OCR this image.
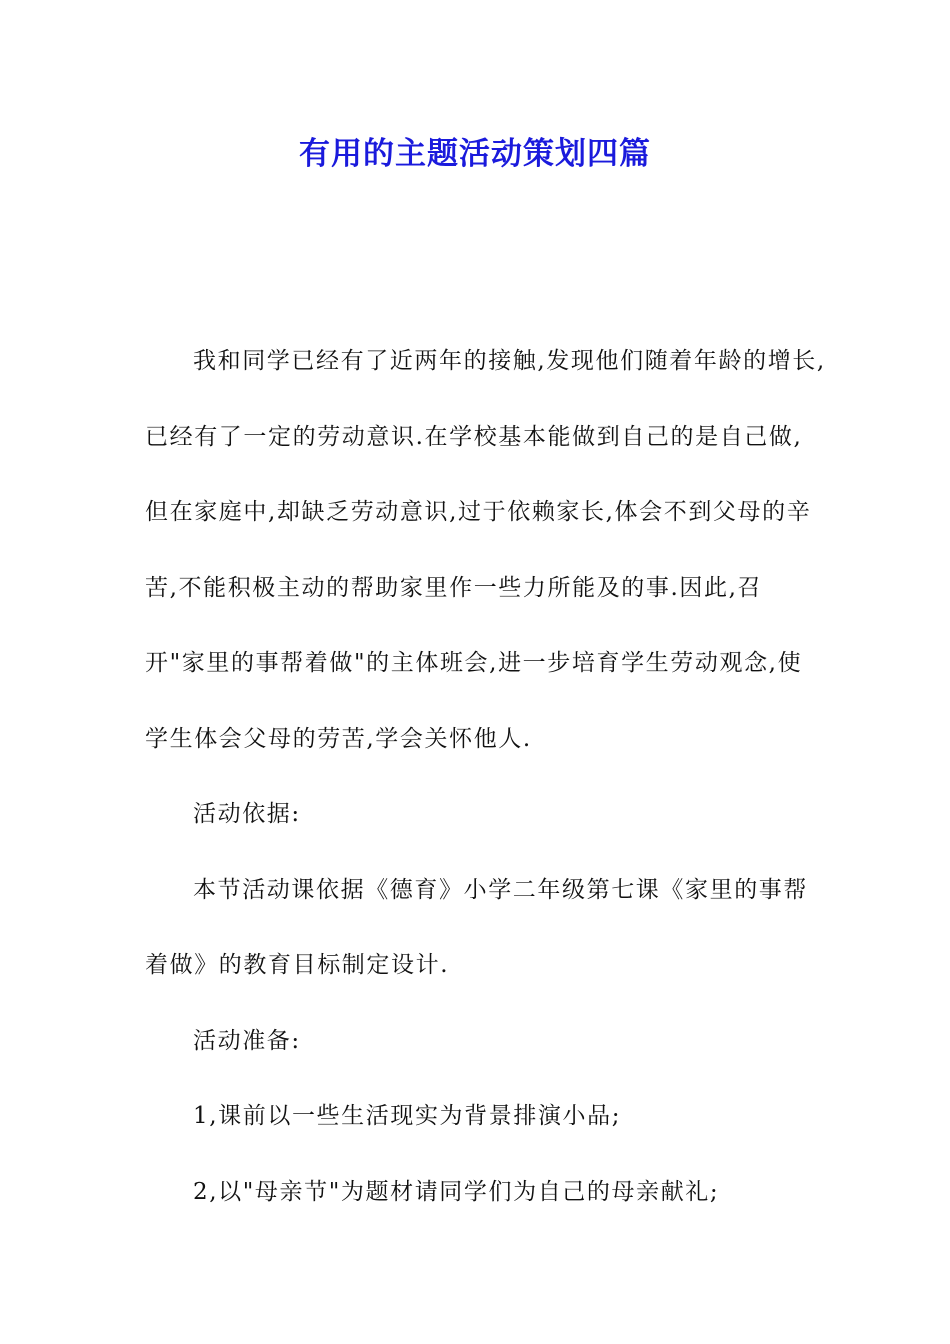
有用的主题活动策划四篇
我和同学已经有了近两年的接触,发现他们随着年龄的增长,
已经有了一定的劳动意识.在学校基本能做到自己的是自己做,
但在家庭中,却缺乏劳动意识,过于依赖家长,体会不到父母的辛
苦,不能积极主动的帮助家里作一些力所能及的事.因此,召
开"家里的事帮着做"的主体班会,进一步培育学生劳动观念,使
学生体会父母的劳苦,学会关怀他人.
活动依据:
本节活动课依据《德育》小学二年级第七课《家里的事帮
着做》的教育目标制定设计.
活动准备:
1,课前以一些生活现实为背景排演小品;
2,以"母亲节"为题材请同学们为自己的母亲献礼;
